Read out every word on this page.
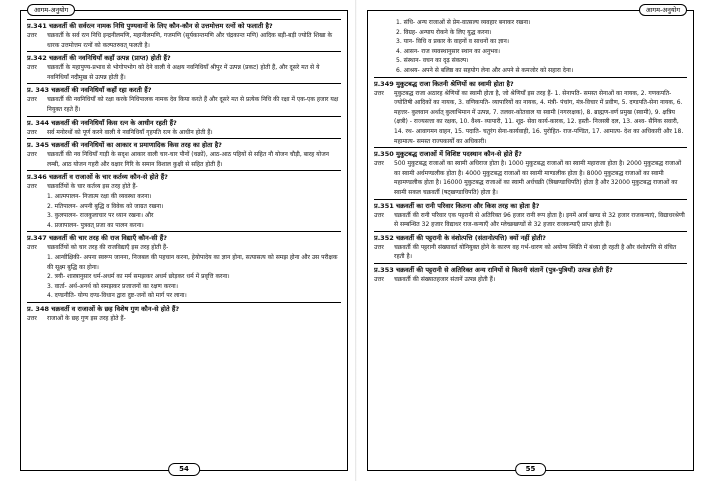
आगम-अनुयोग
प्र.341 चक्रवर्ती की सर्वरत्न नामक निधि पुण्यवानों के लिए कौन-कौन से उत्तमोत्तम रत्नों को फलाती है?
उत्तर	चक्रवर्ती के सर्व रत्न निधि इन्द्रनीलमणि, महानीलमणि, गजमणि (सूर्यकान्तमणि और चंद्रकान्त मणि) आदिक बड़ी-बड़ी ज्योति शिखा के धारक उत्तमोत्तम रत्नों को कल्पतरुवत् फलती है।
प्र.342 चक्रवर्ती की नवनिधियाँ कहाँ उत्पन्न (प्राप्त) होती हैं?
उत्तर	चक्रवर्ती के महापुण्य-प्रभाव से भोगोपभोग को देने वाली ये अक्षय नवनिधियाँ श्रीपुर में उत्पन्न (प्रकट) होती हैं, और दूसरे मत से ये नवनिधियाँ नदीमुख से उत्पन्न होती हैं।
प्र. 343 चक्रवर्ती की नवनिधियाँ कहाँ रहा करती हैं?
उत्तर	चक्रवर्ती की नवनिधियाँ को रक्षा करके निधिपालक नामक देव किया करते हैं और दूसरे मत से प्रत्येक निधि की रक्षा में एक-एक हजार यक्ष नियुक्त रहते हैं।
प्र. 344 चक्रवर्ती की नवनिधियाँ किस रत्न के आधीन रहती हैं?
उत्तर	सर्व मनोरथों को पूर्ण करने वाली ये नवनिधियाँ गृहपति रत्न के आधीन होती हैं।
प्र. 345 चक्रवर्ती की नवनिधियों का आकार व प्रमाणादिक किस तरह का होता है?
उत्तर	चक्रवर्ती की नव निधियाँ गाड़ी के सदृश आकार वाली चार-चार पौनों (चक्रों), आठ-आठ पहियों से सहित नौ योजन चौड़ी, बारह योजन लम्बी, आठ योजन गहरी और वक्षार गिरि के समान विशाल कुक्षी से सहित होती हैं।
प्र.346 चक्रवर्ती व राजाओं के चार कर्तव्य कौन-से होते हैं?
उत्तर	चक्रवर्तियों के चार कर्तव्य इस तरह होते हैं-
1. आत्मपालन- निजात्म रक्षा की व्यवस्था करना।
2. मतिपालन- अपनी बुद्धि व विवेक को जाग्रत रखना।
3. कुलपालन- राजकुलाचार पर ध्यान रखना। और
4. प्रजापालन- पुत्रवत् प्रजा का पालन करना।
प्र.347 चक्रवर्ती की चार तरह की राज विद्याएँ कौन-सी हैं?
उत्तर	चक्रवर्तियों को चार तरह की राजविद्याएँ इस तरह होती हैं-
1. आन्वीक्षिकी- अपना स्वरूप जानना, निजबल की पहचान करना, हेयोपादेय का ज्ञान होना, सत्यासत्य को समझ होना और उस परीक्षक की सूक्ष्म बुद्धि का होना।
2. त्रयी- शास्त्रानुसार धर्म-अधर्म का मर्म समझकर अधर्म छोड़कर धर्म में प्रवृत्ति करना।
3. वार्ता- अर्थ-अनर्थ को समझकर प्रजाजनों का रक्षण करना।
4. दण्डनीति- योग्य दण्ड-विधान द्वारा दुष्ट-जनों को मार्ग पर लाना।
प्र. 348 चक्रवर्ती व राजाओं के छह विशेष गुण कौन-से होते हैं?
उत्तर	राजाओं के छह गुण इस तरह होते हैं-
54
आगम-अनुयोग
1. संधि- अन्य राजाओं से प्रेम-वात्सल्य व्यवहार बनाकर रखना।
2. विग्रह- अन्याय रोकने के लिए युद्ध करना।
3. यान- विधि व प्रकार के वाहनों व साधनों का ज्ञान।
4. आसन- राज व्यवस्थानुसार स्थान का अनुभव।
5. संस्थान- वचन का दृढ़ संकल्प।
6. आश्रय- अपने से बलिष्ठ का सहयोग लेना और अपने से कमजोर को सहारा देना।
प्र.349 मुकुटबद्ध राजा कितनी श्रेणियों का स्वामी होता है?
उत्तर	मुकुटबद्ध राजा अठारह श्रेणियों का स्वामी होता है, जो श्रेणियाँ इस तरह हैं- 1. सेनापति- समस्त सेनाओं का नायक, 2. गणकपति- ज्योतिषी आदिकों का नायक, 3. वणिकपति- व्यापारियों का नायक, 4. मंत्री- पंचांग, मंत्र-विचार में प्रवीण, 5. दण्डपति-सेना नायक, 6. महत्तर- कुलवान अर्थात् कुलाभिमान में उत्पन्न, 7. तलवर-कोतवाल या स्वामी (नगररक्षक), 8. ब्राह्मण-वर्ण प्रमुख (स्वामी), 9. क्षत्रिय (क्षत्री) - राज्यसत्ता का रक्षक, 10. वैश्य- व्यापारी, 11. शूद्र- सेवा कार्य-कारक, 12. हस्ती- निजस्त्री दल, 13. अश्व- सैनिक सवारी, 14. रथ- आवागमन वाहन, 15. पदाति- चतुरंग सेना-कार्यवाही, 16. पुरोहित- राज-पण्डित, 17. आमात्य- देश का अधिकारी और 18. महामात्य- समस्त राज्यकार्यों का अधिकारी।
प्र.350 मुकुटबद्ध राजाओं में विशिष्ट पदस्थान कौन-से होते हैं?
उत्तर	500 मुकुटबद्ध राजाओं का स्वामी अधिराज होता है। 1000 मुकुटबद्ध राजाओं का स्वामी महाराजा होता है। 2000 मुकुटबद्ध राजाओं का स्वामी अर्धमण्डलीक होता है। 4000 मुकुटबद्ध राजाओं का स्वामी माण्डलीक होता है। 8000 मुकुटबद्ध राजाओं का स्वामी महामण्डलीक होता है। 16000 मुकुटबद्ध राजाओं का स्वामी अर्धचक्री (त्रिखण्डाधिपति) होता है और 32000 मुकुटबद्ध राजाओं का स्वामी सकल चक्रवर्ती (षट्खण्डाधिपति) होता है।
प्र.351 चक्रवर्ती का रानी परिवार कितना और किस तरह का होता है?
उत्तर	चक्रवर्ती की रानी परिवार एक पट्टरानी से अतिरिक्त 96 हजार रानी रूप होता है। इनमें आर्य खण्ड से 32 हजार राजकन्याएं, विद्याधरश्रेणी से सम्बन्धित 32 हजार विद्याधर राज-कन्याएँ और म्लेच्छखण्डों से 32 हजार राजकन्याएँ प्राप्त होती हैं।
प्र.352 चक्रवर्ती की पट्टरानी के वंशोत्पत्ति (संतानोत्पत्ति) क्यों नहीं होती?
उत्तर	चक्रवर्ती की पट्टरानी संख्यावर्त योनियुक्त होने के कारण वह गर्भ-धारण को अयोग्य स्थिति में बंध्या ही रहती है और वंशोत्पत्ति से वंचित रहती है।
प्र.353 चक्रवर्ती की पट्टरानी से अतिरिक्त अन्य रानियों से कितनी संतानें (पुत्र-पुत्रियाँ) उत्पन्न होती हैं?
उत्तर	चक्रवर्ती की संख्यातहजार संतानें उत्पन्न होती हैं।
55
